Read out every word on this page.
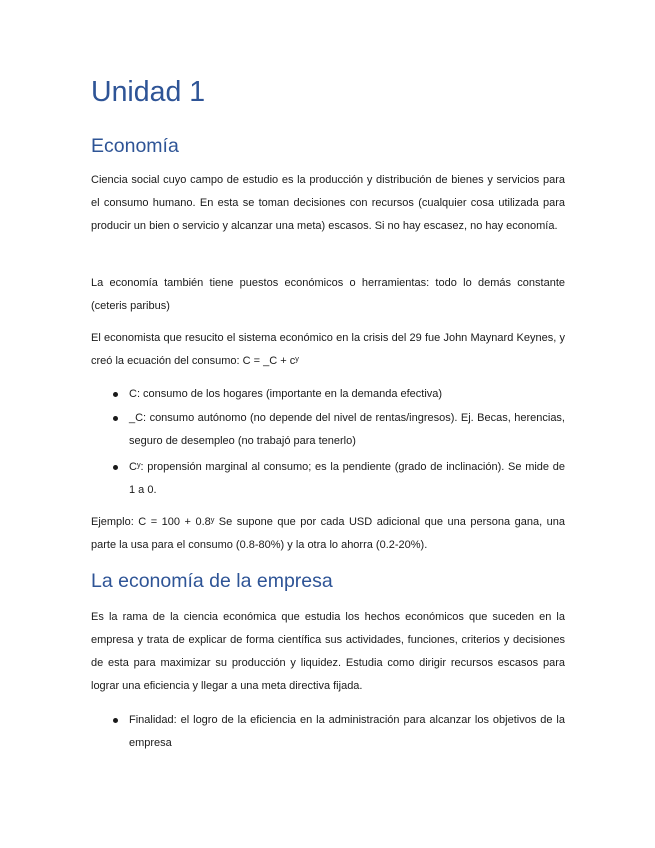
Unidad 1
Economía

Ciencia social cuyo campo de estudio es la producción y distribución de bienes y servicios para el consumo humano. En esta se toman decisiones con recursos (cualquier cosa utilizada para producir un bien o servicio y alcanzar una meta) escasos. Si no hay escasez, no hay economía.

La economía también tiene puestos económicos o herramientas: todo lo demás constante (ceteris paribus)

El economista que resucito el sistema económico en la crisis del 29 fue John Maynard Keynes, y creó la ecuación del consumo: C = _C + cʸ

C: consumo de los hogares (importante en la demanda efectiva)
_C: consumo autónomo (no depende del nivel de rentas/ingresos). Ej. Becas, herencias, seguro de desempleo (no trabajó para tenerlo)
Cʸ: propensión marginal al consumo; es la pendiente (grado de inclinación). Se mide de 1 a 0.

Ejemplo: C = 100 + 0.8ʸ Se supone que por cada USD adicional que una persona gana, una parte la usa para el consumo (0.8-80%) y la otra lo ahorra (0.2-20%).

La economía de la empresa

Es la rama de la ciencia económica que estudia los hechos económicos que suceden en la empresa y trata de explicar de forma científica sus actividades, funciones, criterios y decisiones de esta para maximizar su producción y liquidez. Estudia como dirigir recursos escasos para lograr una eficiencia y llegar a una meta directiva fijada.

Finalidad: el logro de la eficiencia en la administración para alcanzar los objetivos de la empresa
